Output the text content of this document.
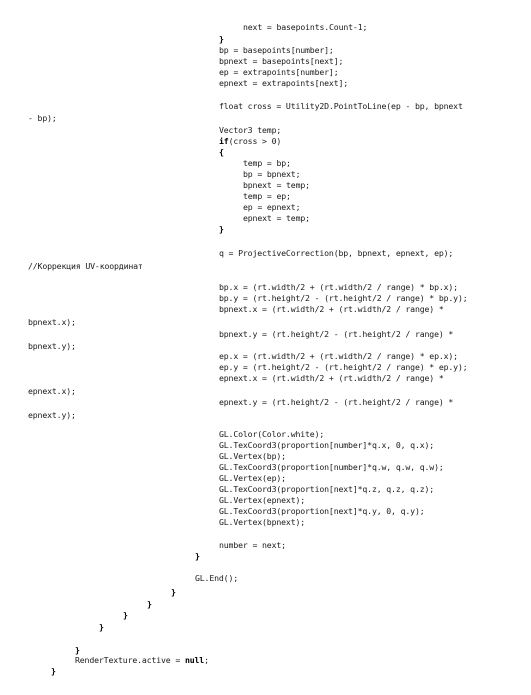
next = basepoints.Count-1;
}
bp = basepoints[number];
bpnext = basepoints[next];
ep = extrapoints[number];
epnext = extrapoints[next];
float cross = Utility2D.PointToLine(ep - bp, bpnext
- bp);
Vector3 temp;
if(cross > 0)
{
temp = bp;
bp = bpnext;
bpnext = temp;
temp = ep;
ep = epnext;
epnext = temp;
}
q = ProjectiveCorrection(bp, bpnext, epnext, ep);
//Коррекция UV-координат
bp.x = (rt.width/2 + (rt.width/2 / range) * bp.x);
bp.y = (rt.height/2 - (rt.height/2 / range) * bp.y);
bpnext.x = (rt.width/2 + (rt.width/2 / range) *
bpnext.x);
bpnext.y = (rt.height/2 - (rt.height/2 / range) *
bpnext.y);
ep.x = (rt.width/2 + (rt.width/2 / range) * ep.x);
ep.y = (rt.height/2 - (rt.height/2 / range) * ep.y);
epnext.x = (rt.width/2 + (rt.width/2 / range) *
epnext.x);
epnext.y = (rt.height/2 - (rt.height/2 / range) *
epnext.y);
GL.Color(Color.white);
GL.TexCoord3(proportion[number]*q.x, 0, q.x);
GL.Vertex(bp);
GL.TexCoord3(proportion[number]*q.w, q.w, q.w);
GL.Vertex(ep);
GL.TexCoord3(proportion[next]*q.z, q.z, q.z);
GL.Vertex(epnext);
GL.TexCoord3(proportion[next]*q.y, 0, q.y);
GL.Vertex(bpnext);
number = next;
}
GL.End();
}
}
}
}
}
RenderTexture.active = null;
}
